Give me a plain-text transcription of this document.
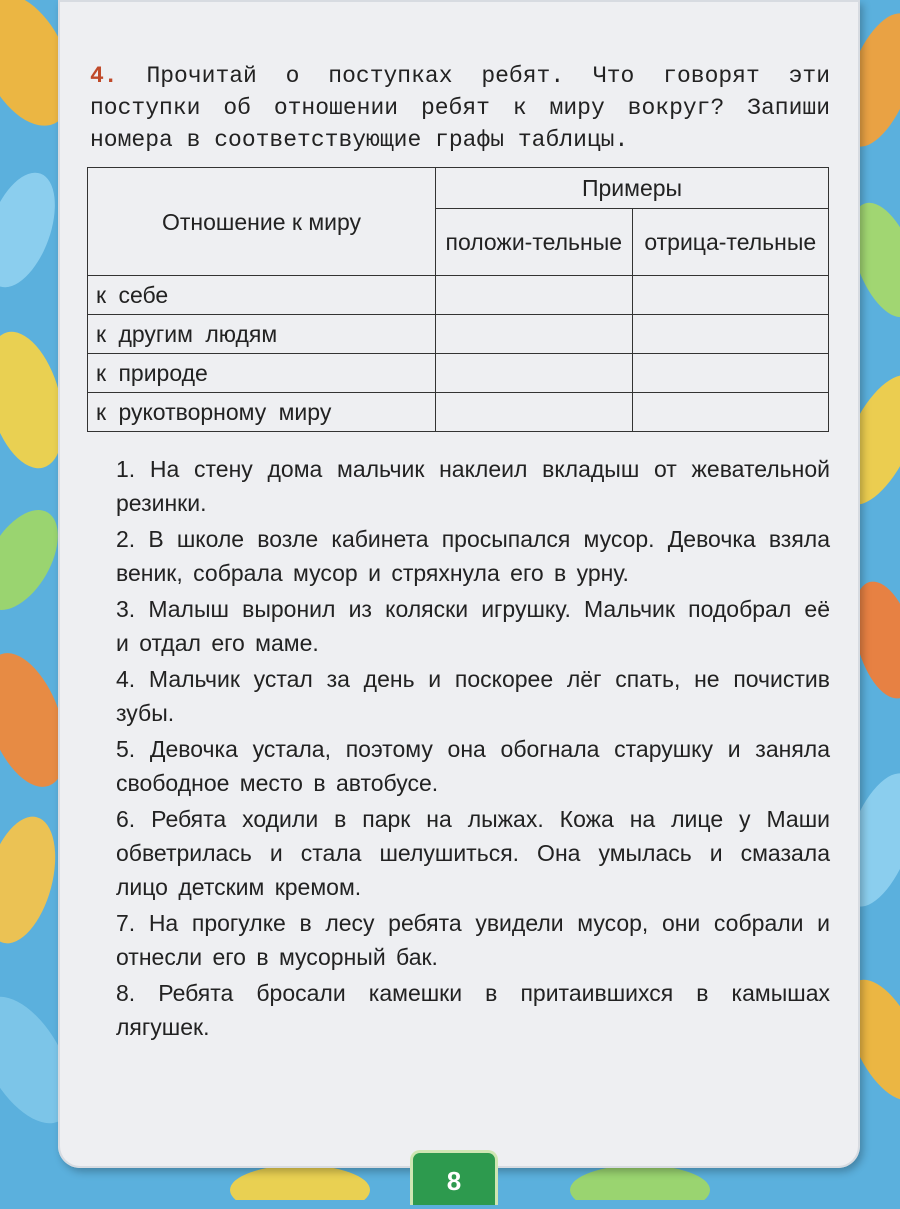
4. Прочитай о поступках ребят. Что говорят эти поступки об отношении ребят к миру вокруг? Запиши номера в соответствующие графы таблицы.
Отношение к миру	Примеры	
	положи-тельные	отрица-тельные
к себе		
к другим людям		
к природе		
к рукотворному миру		

1. На стену дома мальчик наклеил вкладыш от жевательной резинки.

2. В школе возле кабинета просыпался мусор. Девочка взяла веник, собрала мусор и стряхнула его в урну.

3. Малыш выронил из коляски игрушку. Мальчик подобрал её и отдал его маме.

4. Мальчик устал за день и поскорее лёг спать, не почистив зубы.

5. Девочка устала, поэтому она обогнала старушку и заняла свободное место в автобусе.

6. Ребята ходили в парк на лыжах. Кожа на лице у Маши обветрилась и стала шелушиться. Она умылась и смазала лицо детским кремом.

7. На прогулке в лесу ребята увидели мусор, они собрали и отнесли его в мусорный бак.

8. Ребята бросали камешки в притаившихся в камышах лягушек.

8
